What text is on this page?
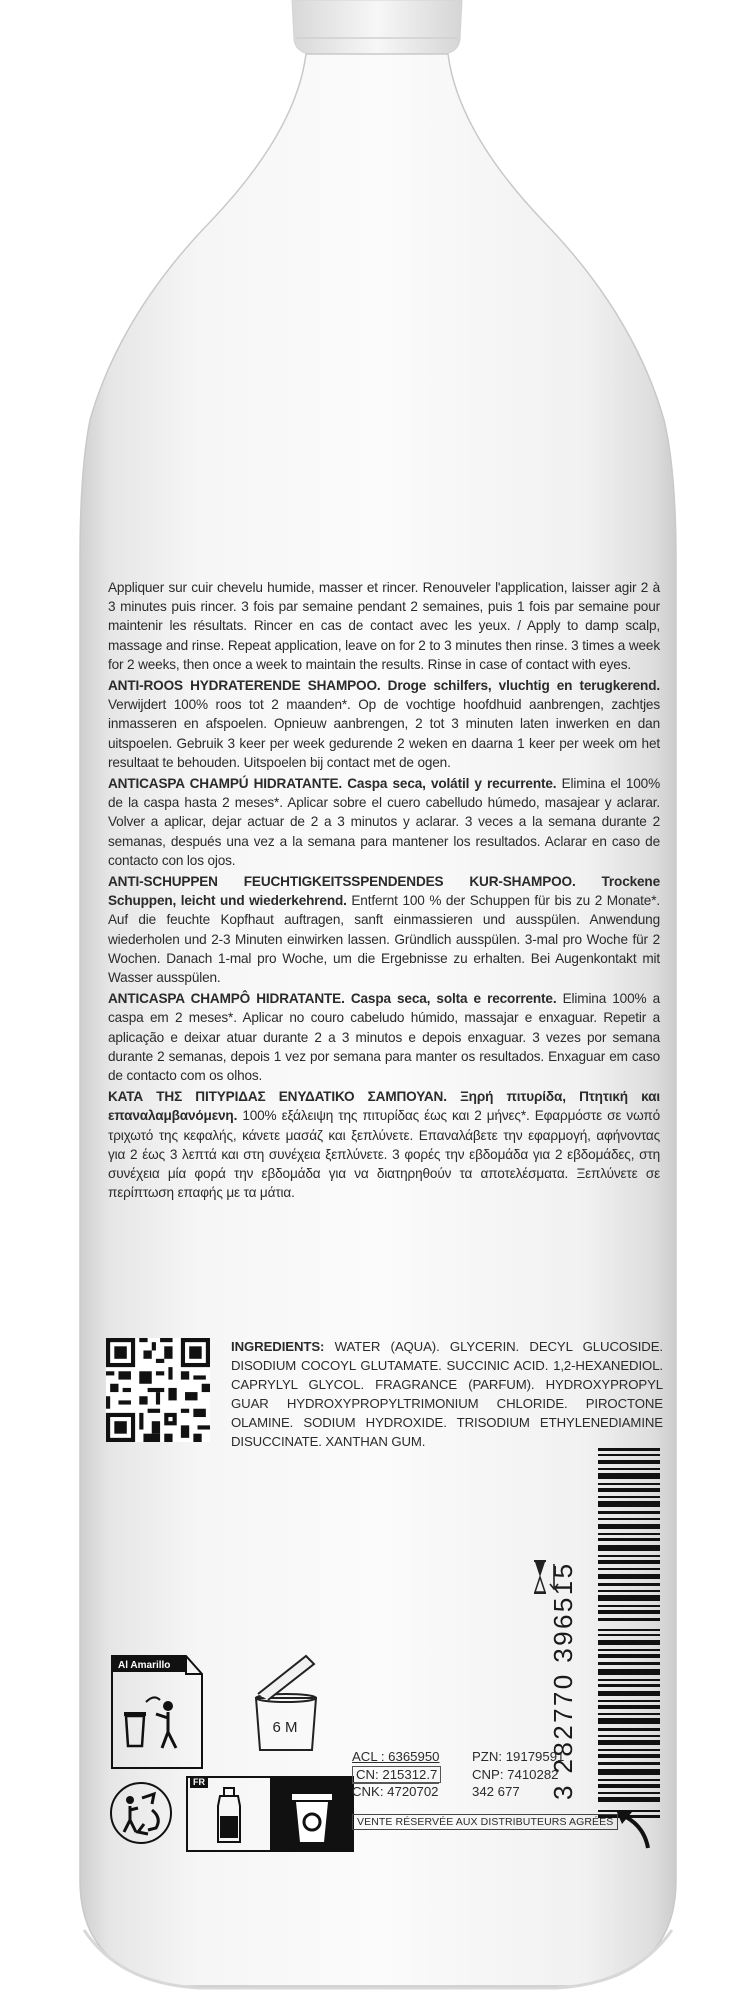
Appliquer sur cuir chevelu humide, masser et rincer. Renouveler l'application, laisser agir 2 à 3 minutes puis rincer. 3 fois par semaine pendant 2 semaines, puis 1 fois par semaine pour maintenir les résultats. Rincer en cas de contact avec les yeux. / Apply to damp scalp, massage and rinse. Repeat application, leave on for 2 to 3 minutes then rinse. 3 times a week for 2 weeks, then once a week to maintain the results. Rinse in case of contact with eyes.

ANTI-ROOS HYDRATERENDE SHAMPOO. Droge schilfers, vluchtig en terugkerend. Verwijdert 100% roos tot 2 maanden*. Op de vochtige hoofdhuid aanbrengen, zachtjes inmasseren en afspoelen. Opnieuw aanbrengen, 2 tot 3 minuten laten inwerken en dan uitspoelen. Gebruik 3 keer per week gedurende 2 weken en daarna 1 keer per week om het resultaat te behouden. Uitspoelen bij contact met de ogen.

ANTICASPA CHAMPÚ HIDRATANTE. Caspa seca, volátil y recurrente. Elimina el 100% de la caspa hasta 2 meses*. Aplicar sobre el cuero cabelludo húmedo, masajear y aclarar. Volver a aplicar, dejar actuar de 2 a 3 minutos y aclarar. 3 veces a la semana durante 2 semanas, después una vez a la semana para mantener los resultados. Aclarar en caso de contacto con los ojos.

ANTI-SCHUPPEN FEUCHTIGKEITSSPENDENDES KUR-SHAMPOO. Trockene Schuppen, leicht und wiederkehrend. Entfernt 100 % der Schuppen für bis zu 2 Monate*. Auf die feuchte Kopfhaut auftragen, sanft einmassieren und ausspülen. Anwendung wiederholen und 2-3 Minuten einwirken lassen. Gründlich ausspülen. 3-mal pro Woche für 2 Wochen. Danach 1-mal pro Woche, um die Ergebnisse zu erhalten. Bei Augenkontakt mit Wasser ausspülen.

ANTICASPA CHAMPÔ HIDRATANTE. Caspa seca, solta e recorrente. Elimina 100% a caspa em 2 meses*. Aplicar no couro cabeludo húmido, massajar e enxaguar. Repetir a aplicação e deixar atuar durante 2 a 3 minutos e depois enxaguar. 3 vezes por semana durante 2 semanas, depois 1 vez por semana para manter os resultados. Enxaguar em caso de contacto com os olhos.

ΚΑΤΑ ΤΗΣ ΠΙΤΥΡΙΔΑΣ ΕΝΥΔΑΤΙΚΟ ΣΑΜΠΟΥΑΝ. Ξηρή πιτυρίδα, Πτητική και επαναλαμβανόμενη. 100% εξάλειψη της πιτυρίδας έως και 2 μήνες*. Εφαρμόστε σε νωπό τριχωτό της κεφαλής, κάνετε μασάζ και ξεπλύνετε. Επαναλάβετε την εφαρμογή, αφήνοντας για 2 έως 3 λεπτά και στη συνέχεια ξεπλύνετε. 3 φορές την εβδομάδα για 2 εβδομάδες, στη συνέχεια μία φορά την εβδομάδα για να διατηρηθούν τα αποτελέσματα. Ξεπλύνετε σε περίπτωση επαφής με τα μάτια.

INGREDIENTS: WATER (AQUA). GLYCERIN. DECYL GLUCOSIDE. DISODIUM COCOYL GLUTAMATE. SUCCINIC ACID. 1,2-HEXANEDIOL. CAPRYLYL GLYCOL. FRAGRANCE (PARFUM). HYDROXYPROPYL GUAR HYDROXYPROPYLTRIMONIUM CHLORIDE. PIROCTONE OLAMINE. SODIUM HYDROXIDE. TRISODIUM ETHYLENEDIAMINE DISUCCINATE. XANTHAN GUM.
3 282770 396515
Al Amarillo
6 M
FR
ACL : 6365950	PZN: 19179591
CN: 215312.7	CNP: 7410282
CNK: 4720702	342 677
VENTE RÉSERVÉE AUX DISTRIBUTEURS AGRÉÉS
